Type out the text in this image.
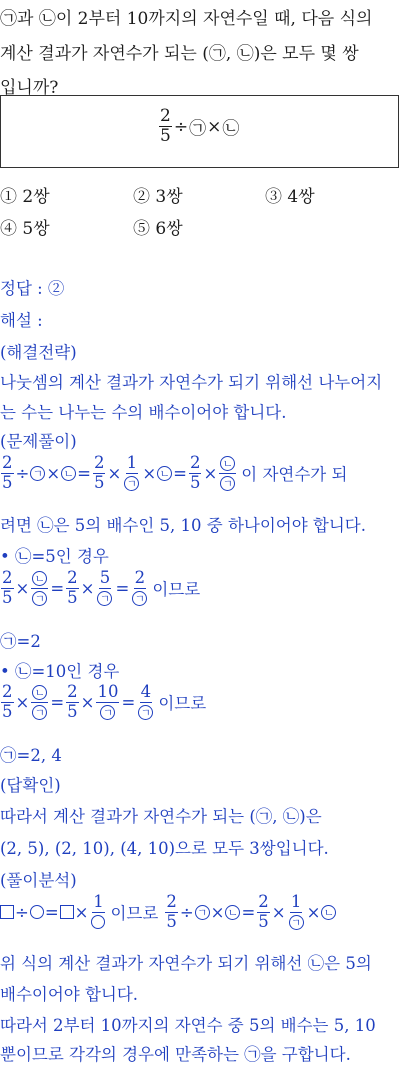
㉠과 ㉡이 2부터 10까지의 자연수일 때, 다음 식의
계산 결과가 자연수가 되는 (㉠, ㉡)은 모두 몇 쌍
입니까?
$\frac{2}{5}$ ÷ ㉠ × ㉡
① 2쌍	② 3쌍	③ 4쌍
④ 5쌍	⑤ 6쌍
정답 : ②
해설 :
(해결전략)
나눗셈의 계산 결과가 자연수가 되기 위해선 나누어지
는 수는 나누는 수의 배수이어야 합니다.
(문제풀이)
$\frac{2}{5}$ ÷ ㄱ × ㄴ = $\frac{2}{5} \times \frac{1}{\text{ㄱ}}$ × ㄴ = $\frac{2}{5} \times \frac{\text{ㄴ}}{\text{ㄱ}}$ 이 자연수가 되
려면 ㉡은 5의 배수인 5, 10 중 하나이어야 합니다.
• ㉡=5인 경우
$\frac{2}{5} \times \frac{\text{ㄴ}}{\text{ㄱ}} = \frac{2}{5} \times \frac{5}{\text{ㄱ}} = \frac{2}{\text{ㄱ}}$ 이므로
㉠=2
• ㉡=10인 경우
$\frac{2}{5} \times \frac{\text{ㄴ}}{\text{ㄱ}} = \frac{2}{5} \times \frac{10}{\text{ㄱ}} = \frac{4}{\text{ㄱ}}$ 이므로
㉠=2, 4
(답확인)
따라서 계산 결과가 자연수가 되는 (㉠, ㉡)은
(2, 5), (2, 10), (4, 10)으로 모두 3쌍입니다.
(풀이분석)
÷ = ×
1
이므로 $\frac{2}{5}$ ÷ ㄱ × ㄴ = $\frac{2}{5} \times \frac{1}{\text{ㄱ}}$ × ㄴ
위 식의 계산 결과가 자연수가 되기 위해선 ㉡은 5의
배수이어야 합니다.
따라서 2부터 10까지의 자연수 중 5의 배수는 5, 10
뿐이므로 각각의 경우에 만족하는 ㉠을 구합니다.
